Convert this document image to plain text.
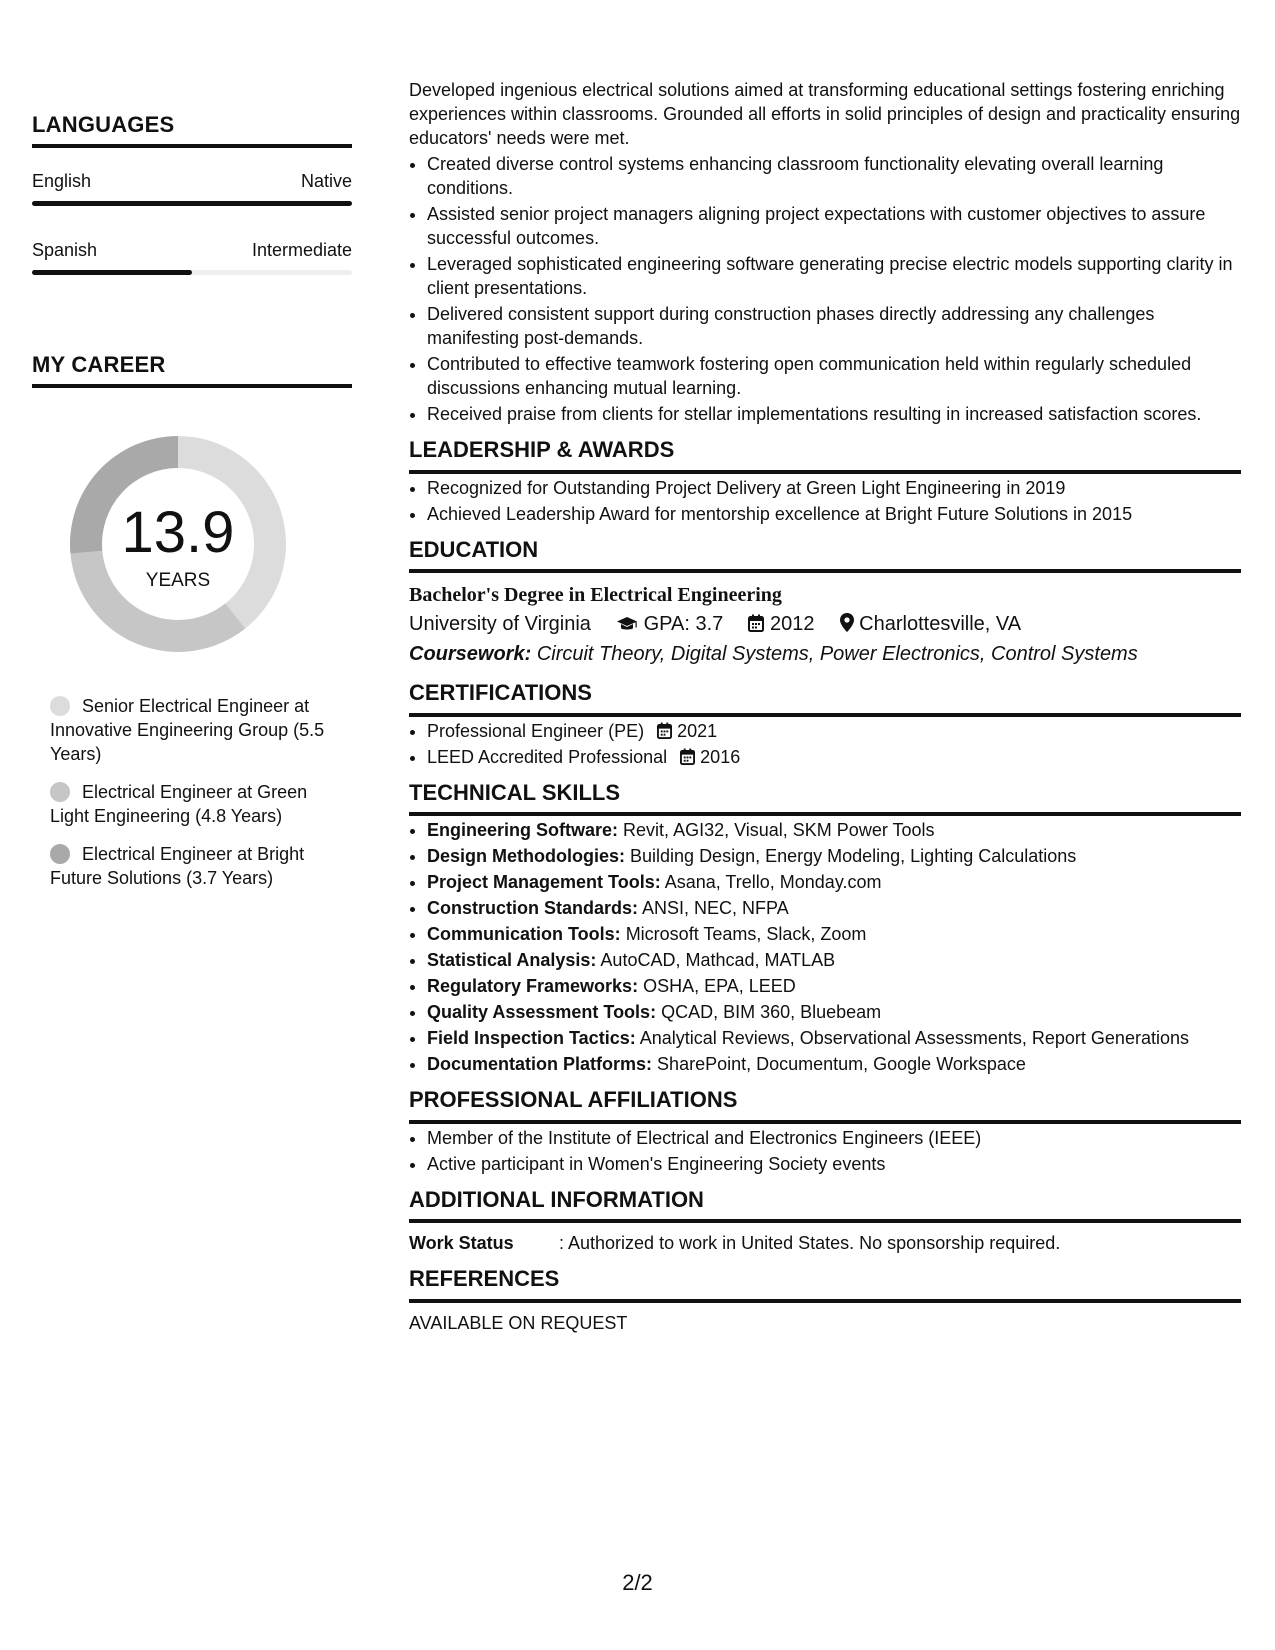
LANGUAGES
English	Native
Spanish	Intermediate
MY CAREER
13.9
YEARS
Senior Electrical Engineer at Innovative Engineering Group (5.5 Years)
Electrical Engineer at Green Light Engineering (4.8 Years)
Electrical Engineer at Bright Future Solutions (3.7 Years)

Developed ingenious electrical solutions aimed at transforming educational settings fostering enriching experiences within classrooms. Grounded all efforts in solid principles of design and practicality ensuring educators' needs were met.

• Created diverse control systems enhancing classroom functionality elevating overall learning conditions.
• Assisted senior project managers aligning project expectations with customer objectives to assure successful outcomes.
• Leveraged sophisticated engineering software generating precise electric models supporting clarity in client presentations.
• Delivered consistent support during construction phases directly addressing any challenges manifesting post-demands.
• Contributed to effective teamwork fostering open communication held within regularly scheduled discussions enhancing mutual learning.
• Received praise from clients for stellar implementations resulting in increased satisfaction scores.
LEADERSHIP & AWARDS
• Recognized for Outstanding Project Delivery at Green Light Engineering in 2019
• Achieved Leadership Award for mentorship excellence at Bright Future Solutions in 2015
EDUCATION
Bachelor's Degree in Electrical Engineering
University of Virginia	GPA: 3.7 2012 Charlottesville, VA
Coursework: Circuit Theory, Digital Systems, Power Electronics, Control Systems
CERTIFICATIONS
• Professional Engineer (PE) 2021
• LEED Accredited Professional 2016
TECHNICAL SKILLS
• Engineering Software: Revit, AGI32, Visual, SKM Power Tools
• Design Methodologies: Building Design, Energy Modeling, Lighting Calculations
• Project Management Tools: Asana, Trello, Monday.com
• Construction Standards: ANSI, NEC, NFPA
• Communication Tools: Microsoft Teams, Slack, Zoom
• Statistical Analysis: AutoCAD, Mathcad, MATLAB
• Regulatory Frameworks: OSHA, EPA, LEED
• Quality Assessment Tools: QCAD, BIM 360, Bluebeam
• Field Inspection Tactics: Analytical Reviews, Observational Assessments, Report Generations
• Documentation Platforms: SharePoint, Documentum, Google Workspace
PROFESSIONAL AFFILIATIONS
• Member of the Institute of Electrical and Electronics Engineers (IEEE)
• Active participant in Women's Engineering Society events
ADDITIONAL INFORMATION
Work Status	: Authorized to work in United States. No sponsorship required.
REFERENCES
AVAILABLE ON REQUEST
2/2
